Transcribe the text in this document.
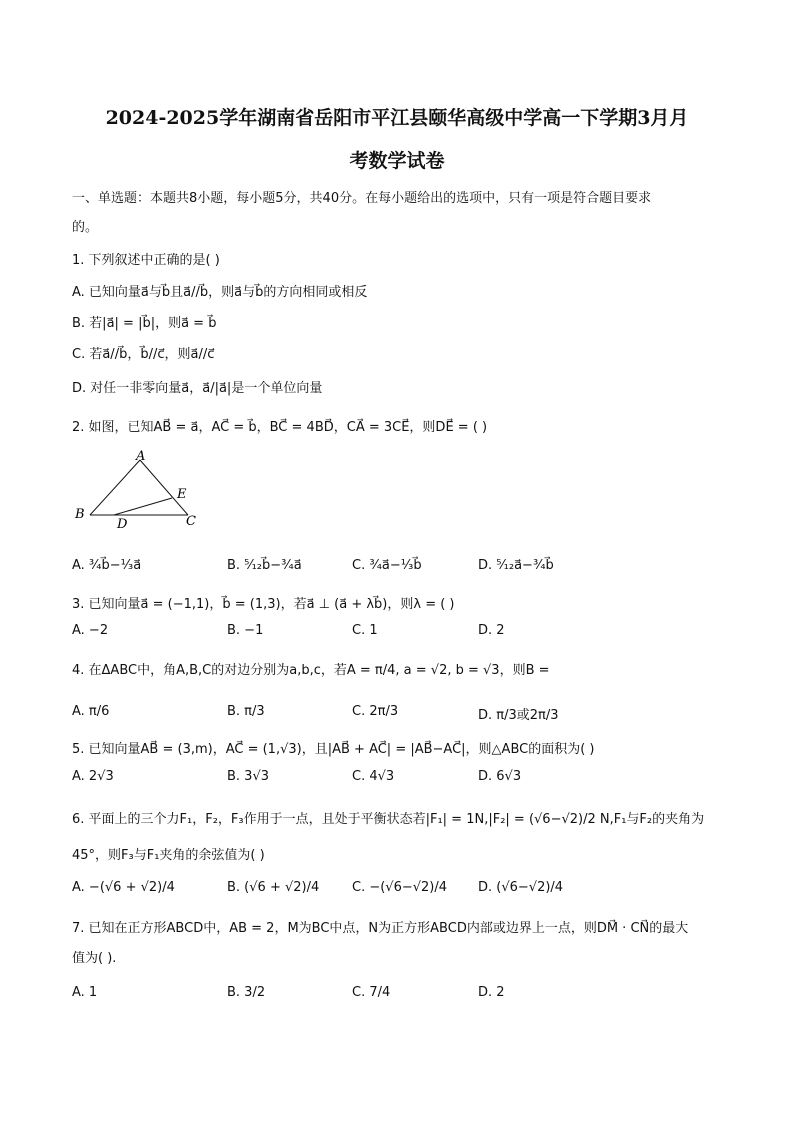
2024-2025学年湖南省岳阳市平江县颐华高级中学高一下学期3月月
考数学试卷
一、单选题：本题共8小题，每小题5分，共40分。在每小题给出的选项中，只有一项是符合题目要求
的。
1. 下列叙述中正确的是( )
A. 已知向量a⃗与b⃗且a⃗//b⃗，则a⃗与b⃗的方向相同或相反
B. 若|a⃗| = |b⃗|，则a⃗ = b⃗
C. 若a⃗//b⃗，b⃗//c⃗，则a⃗//c⃗
D. 对任一非零向量a⃗，a⃗/|a⃗|是一个单位向量
2. 如图，已知AB⃗ = a⃗，AC⃗ = b⃗，BC⃗ = 4BD⃗，CA⃗ = 3CE⃗，则DE⃗ = ( )
A
B	C
D
E
A. ³⁄₄b⃗−¹⁄₃a⃗	B. ⁵⁄₁₂b⃗−³⁄₄a⃗	C. ³⁄₄a⃗−¹⁄₃b⃗	D. ⁵⁄₁₂a⃗−³⁄₄b⃗
3. 已知向量a⃗ = (−1,1)，b⃗ = (1,3)，若a⃗ ⊥ (a⃗ + λb⃗)，则λ = ( )
A. −2	B. −1	C. 1	D. 2
4. 在ΔABC中，角A,B,C的对边分别为a,b,c，若A = π/4, a = √2, b = √3，则B =
A. π/6	B. π/3	C. 2π/3	D. π/3或2π/3
5. 已知向量AB⃗ = (3,m)，AC⃗ = (1,√3)，且|AB⃗ + AC⃗| = |AB⃗−AC⃗|，则△ABC的面积为( )
A. 2√3	B. 3√3	C. 4√3	D. 6√3
6. 平面上的三个力F₁，F₂，F₃作用于一点，且处于平衡状态若|F₁| = 1N,|F₂| = (√6−√2)/2 N,F₁与F₂的夹角为
45°，则F₃与F₁夹角的余弦值为( )
A. −(√6 + √2)/4	B. (√6 + √2)/4	C. −(√6−√2)/4 D. (√6−√2)/4
7. 已知在正方形ABCD中，AB = 2，M为BC中点，N为正方形ABCD内部或边界上一点，则DM⃗ · CN⃗的最大
值为( ).
A. 1	B. 3/2	C. 7/4	D. 2
